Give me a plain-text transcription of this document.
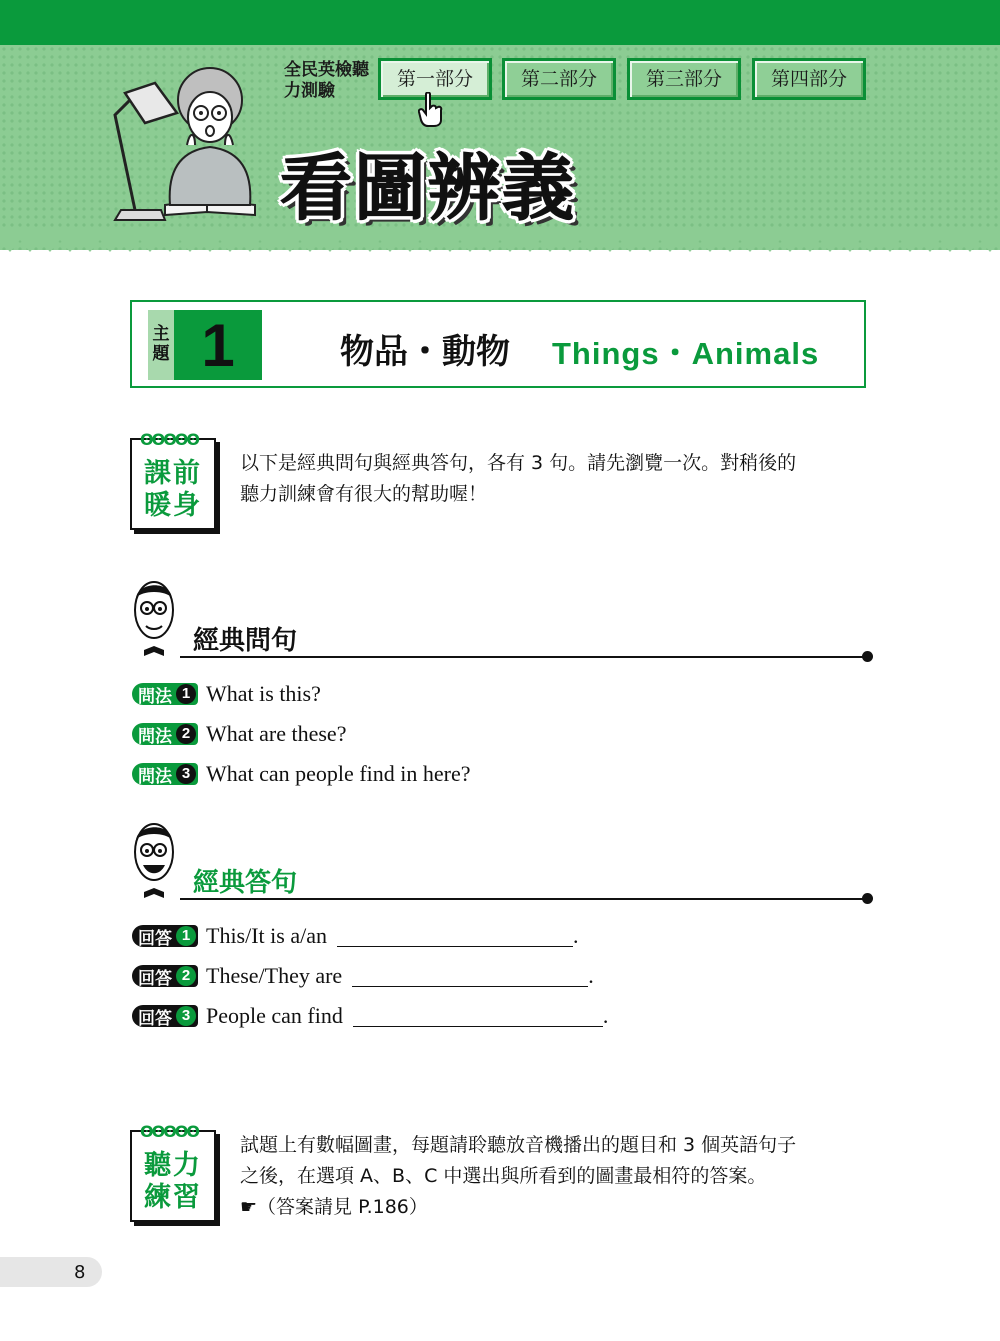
全民英檢聽力測驗
第一部分	第二部分	第三部分	第四部分
看圖辨義
主題 1	物品・動物 Things・Animals
ʘʘʘʘʘ
課前暖身
以下是經典問句與經典答句，各有 3 句。請先瀏覽一次。對稍後的
聽力訓練會有很大的幫助喔！
經典問句
問法 1 What is this?
問法 2 What are these?
問法 3 What can people find in here?
經典答句
回答 1 This/It is a/an	.
回答 2 These/They are	.
回答 3 People can find	.
ʘʘʘʘʘ
聽力練習
試題上有數幅圖畫，每題請聆聽放音機播出的題目和 3 個英語句子
之後，在選項 A、B、C 中選出與所看到的圖畫最相符的答案。
☛（答案請見 P.186）
8
